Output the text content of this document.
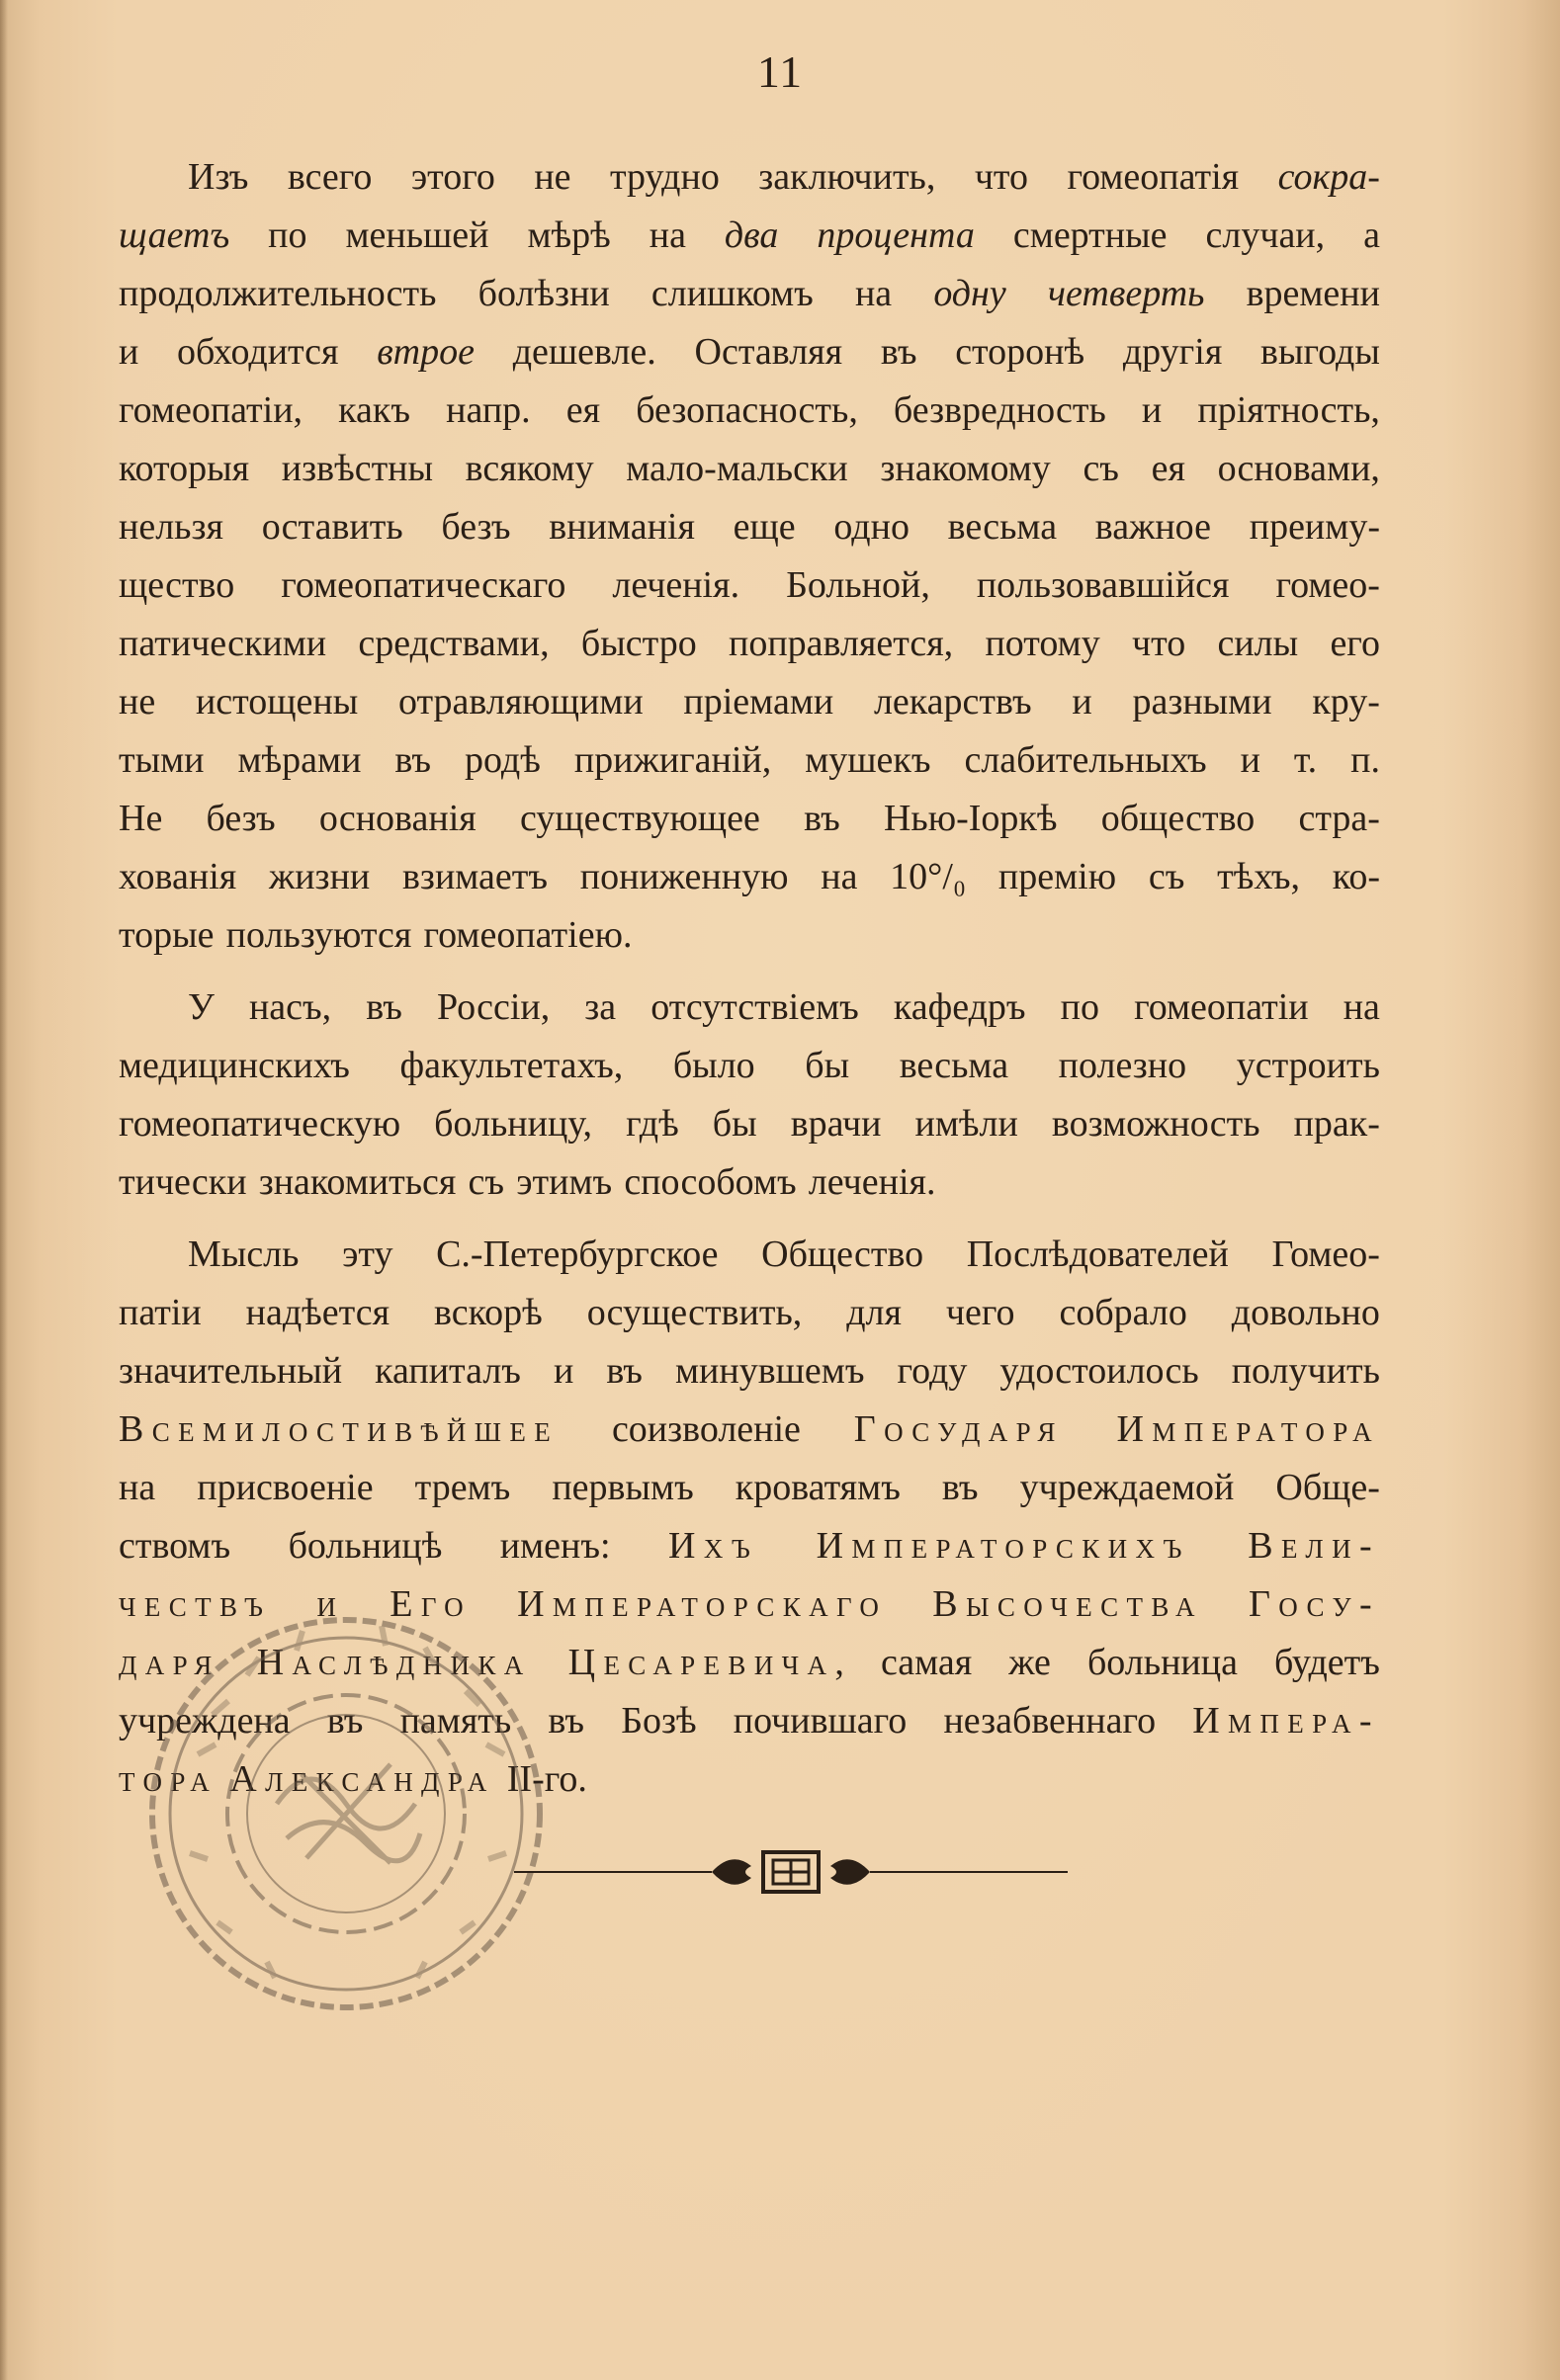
11
Изъ всего этого не трудно заключить, что гомеопатія сокра-
щаетъ по меньшей мѣрѣ на два процента смертные случаи, а
продолжительность болѣзни слишкомъ на одну четверть времени
и обходится втрое дешевле. Оставляя въ сторонѣ другія выгоды
гомеопатіи, какъ напр. ея безопасность, безвредность и пріятность,
которыя извѣстны всякому мало-мальски знакомому съ ея основами,
нельзя оставить безъ вниманія еще одно весьма важное преиму-
щество гомеопатическаго леченія. Больной, пользовавшійся гомео-
патическими средствами, быстро поправляется, потому что силы его
не истощены отравляющими пріемами лекарствъ и разными кру-
тыми мѣрами въ родѣ прижиганій, мушекъ слабительныхъ и т. п.
Не безъ основанія существующее въ Нью-Іоркѣ общество стра-
хованія жизни взимаетъ пониженную на 10°/₀ премію съ тѣхъ, ко-
торые пользуются гомеопатіею.
У насъ, въ Россіи, за отсутствіемъ кафедръ по гомеопатіи на
медицинскихъ факультетахъ, было бы весьма полезно устроить
гомеопатическую больницу, гдѣ бы врачи имѣли возможность прак-
тически знакомиться съ этимъ способомъ леченія.
Мысль эту С.-Петербургское Общество Послѣдователей Гомео-
патіи надѣется вскорѣ осуществить, для чего собрало довольно
значительный капиталъ и въ минувшемъ году удостоилось получить
Всемилостивѣйшее соизволеніе Государя Императора
на присвоеніе тремъ первымъ кроватямъ въ учреждаемой Обще-
ствомъ больницѣ именъ: Ихъ Императорскихъ Вели-
чествъ и Его Императорскаго Высочества Госу-
даря Наслѣдника Цесаревича, самая же больница будетъ
учреждена въ память въ Бозѣ почившаго незабвеннаго Импера-
тора Александра II-го.
